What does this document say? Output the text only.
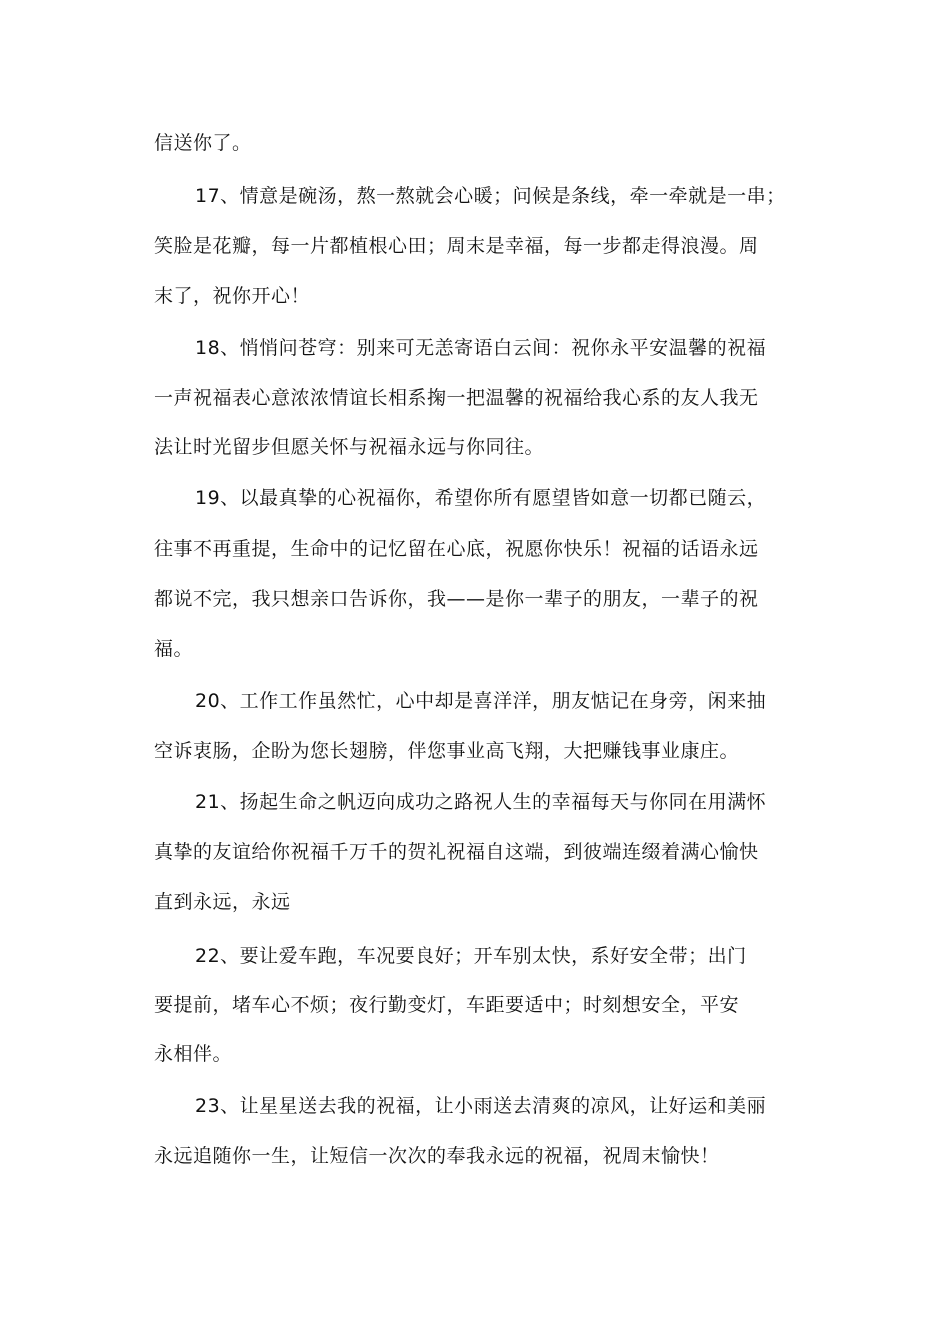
信送你了。
17、情意是碗汤，熬一熬就会心暖；问候是条线，牵一牵就是一串；
笑脸是花瓣，每一片都植根心田；周末是幸福，每一步都走得浪漫。周
末了，祝你开心！
18、悄悄问苍穹：别来可无恙寄语白云间：祝你永平安温馨的祝福
一声祝福表心意浓浓情谊长相系掬一把温馨的祝福给我心系的友人我无
法让时光留步但愿关怀与祝福永远与你同往。
19、以最真挚的心祝福你，希望你所有愿望皆如意一切都已随云，
往事不再重提，生命中的记忆留在心底，祝愿你快乐！祝福的话语永远
都说不完，我只想亲口告诉你，我——是你一辈子的朋友，一辈子的祝
福。
20、工作工作虽然忙，心中却是喜洋洋，朋友惦记在身旁，闲来抽
空诉衷肠，企盼为您长翅膀，伴您事业高飞翔，大把赚钱事业康庄。
21、扬起生命之帆迈向成功之路祝人生的幸福每天与你同在用满怀
真挚的友谊给你祝福千万千的贺礼祝福自这端，到彼端连缀着满心愉快
直到永远，永远
22、要让爱车跑，车况要良好；开车别太快，系好安全带；出门
要提前，堵车心不烦；夜行勤变灯，车距要适中；时刻想安全，平安
永相伴。
23、让星星送去我的祝福，让小雨送去清爽的凉风，让好运和美丽
永远追随你一生，让短信一次次的奉我永远的祝福，祝周末愉快！
